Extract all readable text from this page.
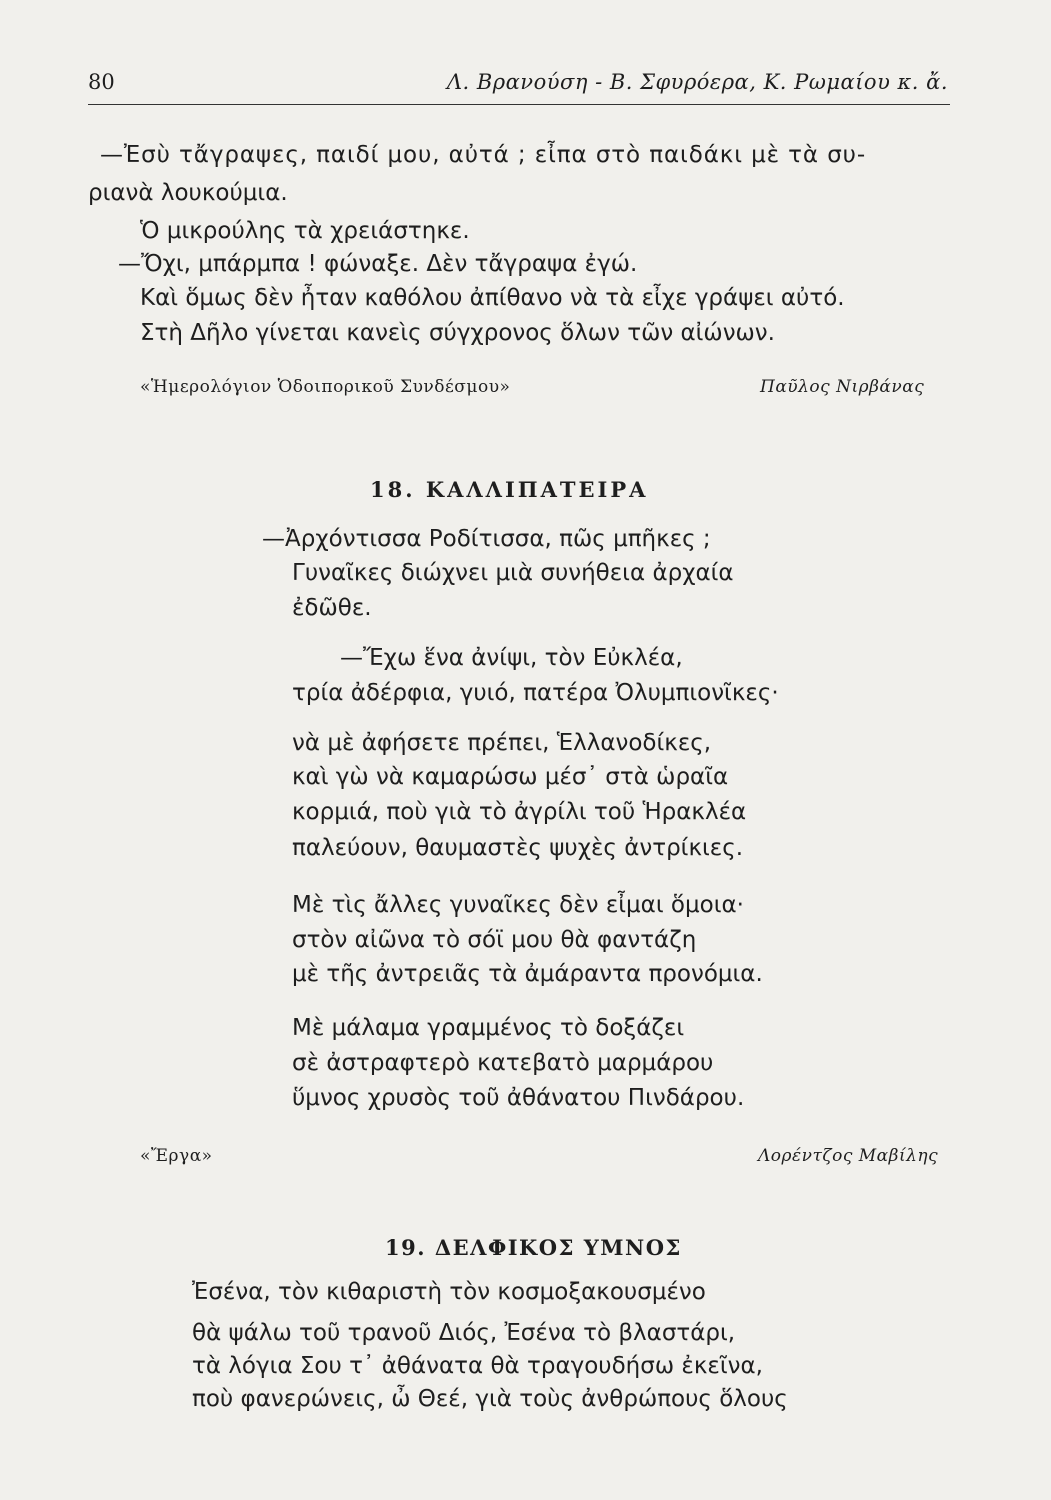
80	Λ. Βρανούση - Β. Σφυρόερα, Κ. Ρωμαίου κ. ἄ.
—Ἐσὺ τἄγραψες, παιδί μου, αὐτά ; εἶπα στὸ παιδάκι μὲ τὰ συ-
ριανὰ λουκούμια.
Ὁ μικρούλης τὰ χρειάστηκε.
—Ὄχι, μπάρμπα ! φώναξε. Δὲν τἄγραψα ἐγώ.
Καὶ ὅμως δὲν ἦταν καθόλου ἀπίθανο νὰ τὰ εἶχε γράψει αὐτό.
Στὴ Δῆλο γίνεται κανεὶς σύγχρονος ὅλων τῶν αἰώνων.
«Ἡμερολόγιον Ὁδοιπορικοῦ Συνδέσμου»	Παῦλος Νιρβάνας
18. ΚΑΛΛΙΠΑΤΕΙΡΑ
—Ἀρχόντισσα Ροδίτισσα, πῶς μπῆκες ;
Γυναῖκες διώχνει μιὰ συνήθεια ἀρχαία
ἐδῶθε.
—Ἔχω ἕνα ἀνίψι, τὸν Εὐκλέα,
τρία ἀδέρφια, γυιό, πατέρα Ὀλυμπιονῖκες·
νὰ μὲ ἀφήσετε πρέπει, Ἑλλανοδίκες,
καὶ γὼ νὰ καμαρώσω μέσ᾽ στὰ ὡραῖα
κορμιά, ποὺ γιὰ τὸ ἀγρίλι τοῦ Ἡρακλέα
παλεύουν, θαυμαστὲς ψυχὲς ἀντρίκιες.
Μὲ τὶς ἄλλες γυναῖκες δὲν εἶμαι ὅμοια·
στὸν αἰῶνα τὸ σόϊ μου θὰ φαντάζη
μὲ τῆς ἀντρειᾶς τὰ ἀμάραντα προνόμια.
Μὲ μάλαμα γραμμένος τὸ δοξάζει
σὲ ἀστραφτερὸ κατεβατὸ μαρμάρου
ὕμνος χρυσὸς τοῦ ἀθάνατου Πινδάρου.
«Ἔργα»	Λορέντζος Μαβίλης
19. ΔΕΛΦΙΚΟΣ ΥΜΝΟΣ
Ἐσένα, τὸν κιθαριστὴ τὸν κοσμοξακουσμένο
θὰ ψάλω τοῦ τρανοῦ Διός, Ἐσένα τὸ βλαστάρι,
τὰ λόγια Σου τ᾽ ἀθάνατα θὰ τραγουδήσω ἐκεῖνα,
ποὺ φανερώνεις, ὦ Θεέ, γιὰ τοὺς ἀνθρώπους ὅλους
